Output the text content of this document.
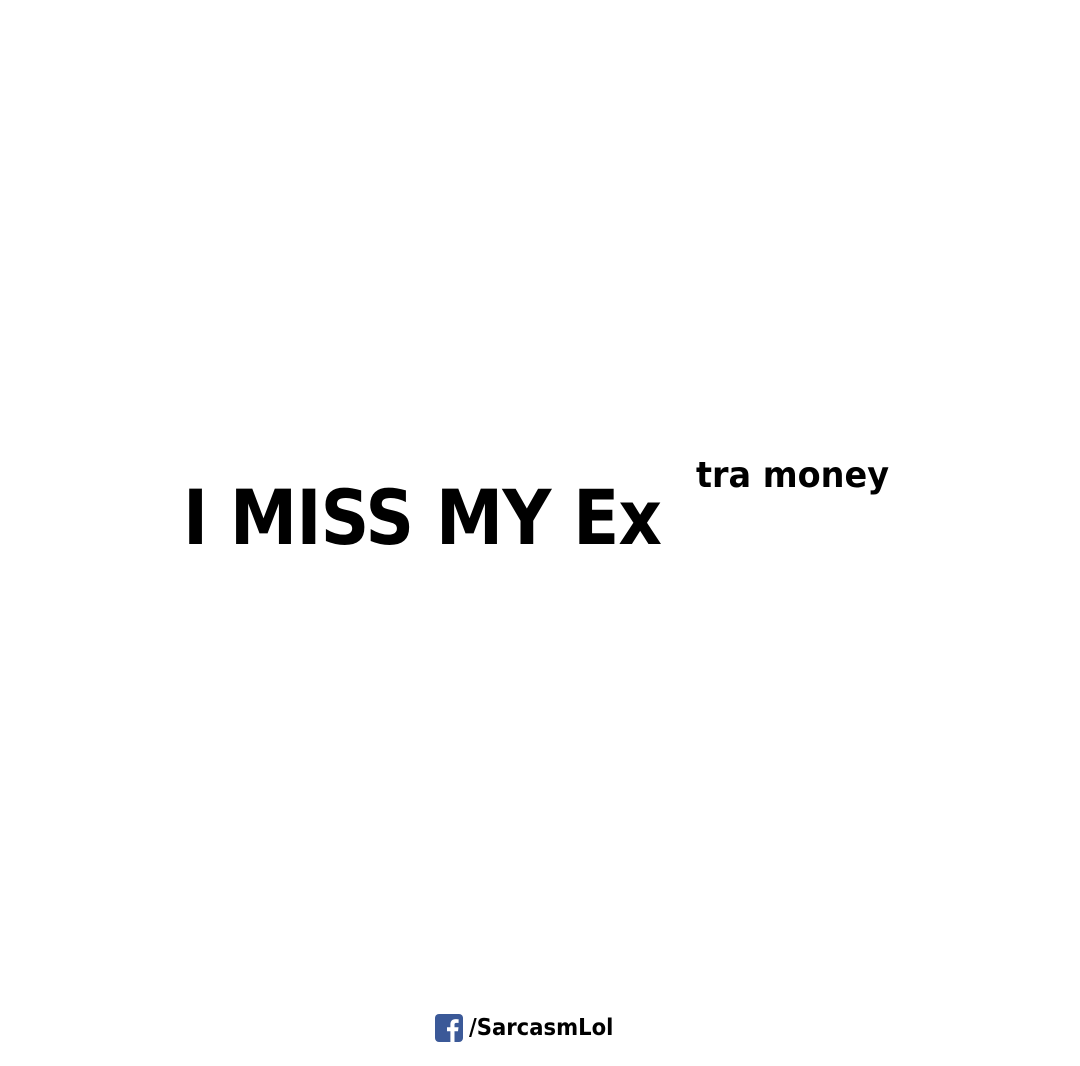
I MISS MY Ex tra money
/SarcasmLol
